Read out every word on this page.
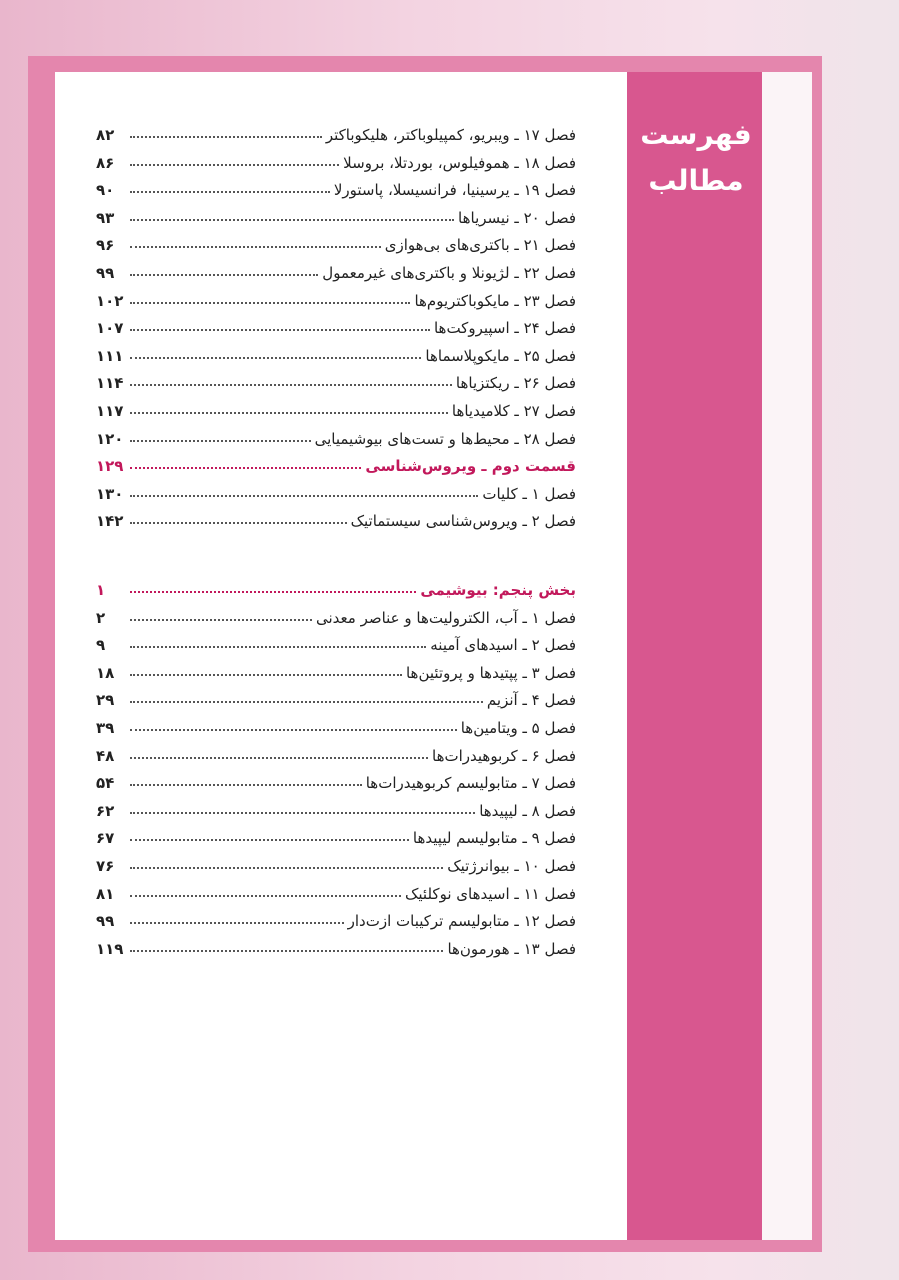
فهرست
مطالب
فصل ۱۷ ـ ویبریو، کمپیلوباکتر، هلیکوباکتر
۸۲
فصل ۱۸ ـ هموفیلوس، بوردتلا، بروسلا
۸۶
فصل ۱۹ ـ یرسینیا، فرانسیسلا، پاستورلا
۹۰
فصل ۲۰ ـ نیسریاها
۹۳
فصل ۲۱ ـ باکتری‌های بی‌هوازی
۹۶
فصل ۲۲ ـ لژیونلا و باکتری‌های غیرمعمول
۹۹
فصل ۲۳ ـ مایکوباکتریوم‌ها
۱۰۲
فصل ۲۴ ـ اسپیروکت‌ها
۱۰۷
فصل ۲۵ ـ مایکوپلاسماها
۱۱۱
فصل ۲۶ ـ ریکتزیاها
۱۱۴
فصل ۲۷ ـ کلامیدیاها
۱۱۷
فصل ۲۸ ـ محیط‌ها و تست‌های بیوشیمیایی
۱۲۰
قسمت دوم ـ ویروس‌شناسی
۱۲۹
فصل ۱ ـ کلیات
۱۳۰
فصل ۲ ـ ویروس‌شناسی سیستماتیک
۱۴۲
بخش پنجم: بیوشیمی
۱
فصل ۱ ـ آب، الکترولیت‌ها و عناصر معدنی
۲
فصل ۲ ـ اسیدهای آمینه
۹
فصل ۳ ـ پپتیدها و پروتئین‌ها
۱۸
فصل ۴ ـ آنزیم
۲۹
فصل ۵ ـ ویتامین‌ها
۳۹
فصل ۶ ـ کربوهیدرات‌ها
۴۸
فصل ۷ ـ متابولیسم کربوهیدرات‌ها
۵۴
فصل ۸ ـ لیپیدها
۶۲
فصل ۹ ـ متابولیسم لیپیدها
۶۷
فصل ۱۰ ـ بیوانرژتیک
۷۶
فصل ۱۱ ـ اسیدهای نوکلئیک
۸۱
فصل ۱۲ ـ متابولیسم ترکیبات ازت‌دار
۹۹
فصل ۱۳ ـ هورمون‌ها
۱۱۹
